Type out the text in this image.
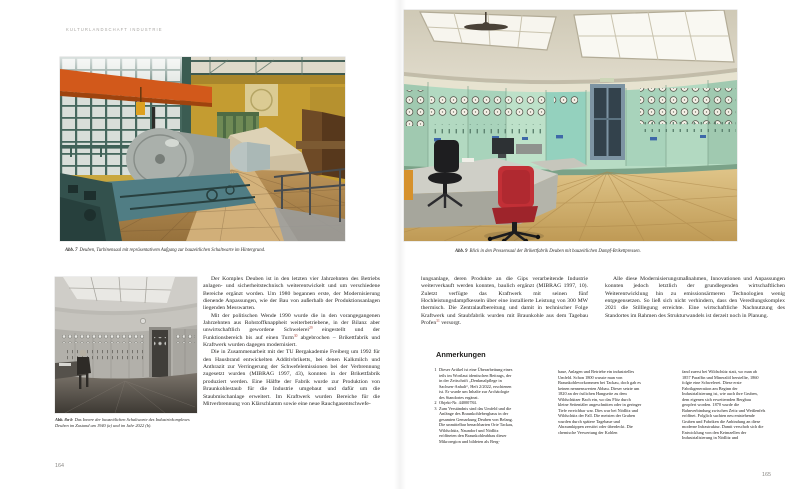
KULTURLANDSCHAFT INDUSTRIE
Abb. 7 Deuben, Turbinensaal mit repräsentativem Aufgang zur bauzeitlichen Schaltwarte im Hintergrund.
Abb. 8a-b Das Innere der bauzeitlichen Schaltwarte des Industriekomplexes Deuben im Zustand um 1940 (a) und im Jahr 2022 (b).

Der Komplex Deuben ist in den letzten vier Jahrzehnten des Betriebs anlagen- und sicherheitstechnisch weiterentwickelt und um verschiedene Bereiche ergänzt worden. Um 1980 begannen erste, der Modernisierung dienende Anpassungen, wie der Bau von außerhalb der Produktionsanlagen liegenden Messwarten.

Mit der politischen Wende 1990 wurde die in den vorangegangenen Jahrzehnten aus Rohstoffknappheit weiterbetriebene, in der Bilanz aber unwirtschaftlich gewordene Schwelerei$^{29}$ eingestellt und der Funktionsbereich bis auf einen Turm$^{30}$ abgebrochen – Brikettfabrik und Kraftwerk wurden dagegen modernisiert.

Die in Zusammenarbeit mit der TU Bergakademie Freiberg um 1992 für den Hausbrand entwickelten Additivbriketts, bei denen Kalkmilch und Anthrazit zur Verringerung der Schwefelemissionen bei der Verbrennung zugesetzt wurden (MIBRAG 1997, 43), konnten in der Brikettfabrik produziert werden. Eine Hälfte der Fabrik wurde zur Produktion von Braunkohlestaub für die Industrie umgebaut und dafür um die Staubmischanlage erweitert. Im Kraftwerk wurden Bereiche für die Mitverbrennung von Klärschlamm sowie eine neue Rauchgasentschwefe-

164
Abb. 9 Blick in den Pressensaal der Brikettfabrik Deuben mit bauzeitlichen Dampf-Brikettpressen.

lungsanlage, deren Produkte an die Gips verarbeitende Industrie weiterverkauft werden konnten, baulich ergänzt (MIBRAG 1997, 10). Zuletzt verfügte das Kraftwerk mit seinen fünf Hochleistungsdampfkesseln über eine installierte Leistung von 300 MW thermisch. Die Zentralaufbereitung und damit in technischer Folge Kraftwerk und Staubfabrik wurden mit Braunkohle aus dem Tagebau Profen$^{31}$ versorgt.

Alle diese Modernisierungsmaßnahmen, Innovationen und Anpassungen konnten jedoch letztlich der grundlegenden wirtschaftlichen Weiterentwicklung hin zu emissionsärmeren Technologien wenig entgegensetzen. So ließ sich nicht verhindern, dass den Veredlungskomplex 2021 die Stilllegung erreichte. Eine wirtschaftliche Nachnutzung des Standortes im Rahmen des Strukturwandels ist derzeit noch in Planung.

Anmerkungen
1 Dieser Artikel ist eine Überarbeitung eines teils im Wortlaut identischen Beitrags, der in der Zeitschrift „Denkmalpflege in Sachsen-Anhalt“, Heft 2/2022, erschienen ist. Er wurde um Inhalte zur Archäologie des Standortes ergänzt.
2 Objekt-Nr. 44000784.
3 Zum Verständnis sind das Umfeld und die Anfänge des Braunkohlebergbaus in der gesamten Gemarkung Deuben von Belang. Die unmittelbar benachbarten Orte Tackau, Wildschütz, Naundorf und Nödlitz eröffneten den Braunkohleabbau dieser Mikroregion und bildeten als Berg-
baue, Anlagen und Betriebe ein industrielles Umfeld. Schon 1800 wusste man von Braunkohlevorkommen bei Tackau, doch gab es keinen nennenswerten Abbau. Dieser setzte um 1820 an der östlichen Hangseite zu dem Wildschützer Bach ein, wo das Flöz durch kleine Seitentäler angeschnitten oder in geringer Tiefe erreichbar war. Dies war bei Nödlitz und Wildschütz der Fall. Die meisten der Gruben wurden durch spätere Tagebaue und Abraumkippen zerstört oder überdeckt. Die chemische Verwertung der Kohlen
fand zuerst bei Wildschütz statt, wo man ab 1857 Paraffin und Mineralöl herstellte, 1860 folgte eine Schwelerei. Diese erste Fabrikgeneration am Beginn der Industrialisierung ist, wie auch ihre Gruben, dem eigenen sich erweiternden Bergbau geopfert worden. 1870 wurde die Bahnverbindung zwischen Zeitz und Weißenfels eröffnet. Folglich suchten neu entstehende Gruben und Fabriken die Anbindung an diese moderne Infrastruktur. Damit verschob sich die Entwicklung von den Keimzellen der Industrialisierung in Nödlitz und
165
